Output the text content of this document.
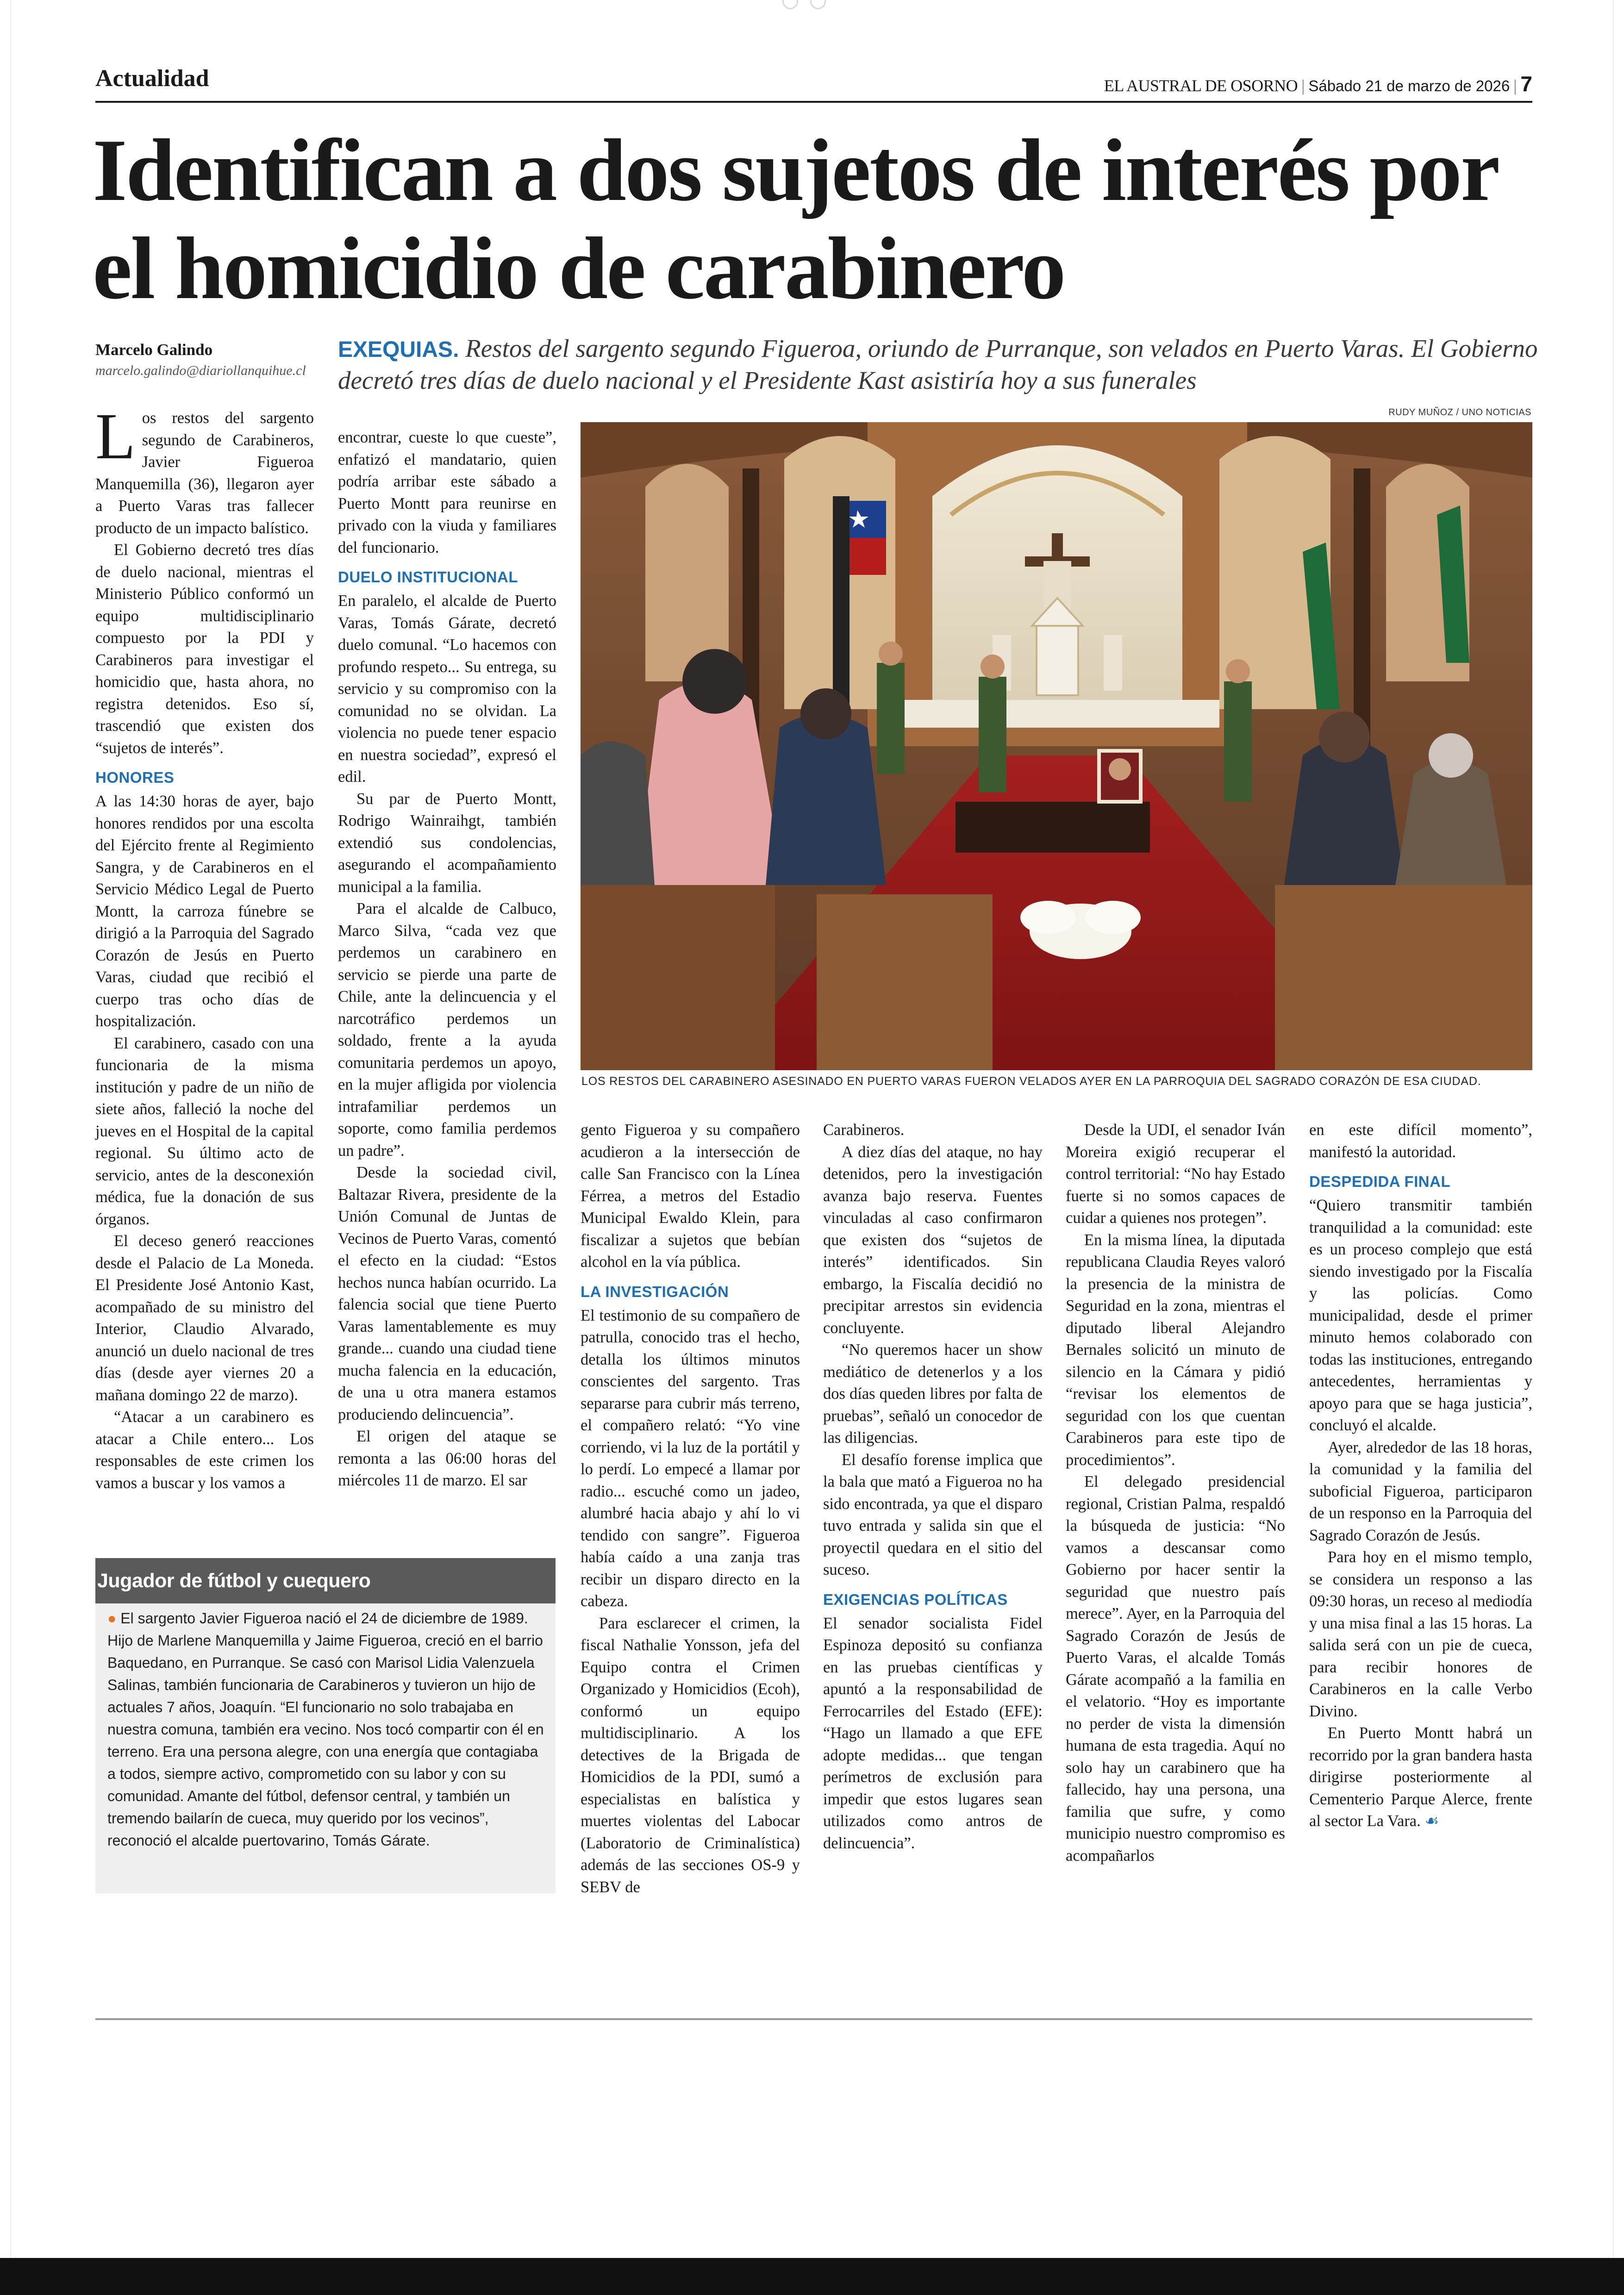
Actualidad	EL AUSTRAL DE OSORNO | Sábado 21 de marzo de 2026 | 7
Identifican a dos sujetos de interés por el homicidio de carabinero
Marcelo Galindo
marcelo.galindo@diariollanquihue.cl
EXEQUIAS. Restos del sargento segundo Figueroa, oriundo de Purranque, son velados en Puerto Varas. El Gobierno decretó tres días de duelo nacional y el Presidente Kast asistiría hoy a sus funerales
RUDY MUÑOZ / UNO NOTICIAS
LOS RESTOS DEL CARABINERO ASESINADO EN PUERTO VARAS FUERON VELADOS AYER EN LA PARROQUIA DEL SAGRADO CORAZÓN DE ESA CIUDAD.

Los restos del sargento segundo de Carabineros, Javier Figueroa Manquemilla (36), llegaron ayer a Puerto Varas tras fallecer producto de un impacto balístico.

El Gobierno decretó tres días de duelo nacional, mientras el Ministerio Público conformó un equipo multidisciplinario compuesto por la PDI y Carabineros para investigar el homicidio que, hasta ahora, no registra detenidos. Eso sí, trascendió que existen dos “sujetos de interés”.

HONORES

A las 14:30 horas de ayer, bajo honores rendidos por una escolta del Ejército frente al Regimiento Sangra, y de Carabineros en el Servicio Médico Legal de Puerto Montt, la carroza fúnebre se dirigió a la Parroquia del Sagrado Corazón de Jesús en Puerto Varas, ciudad que recibió el cuerpo tras ocho días de hospitalización.

El carabinero, casado con una funcionaria de la misma institución y padre de un niño de siete años, falleció la noche del jueves en el Hospital de la capital regional. Su último acto de servicio, antes de la desconexión médica, fue la donación de sus órganos.

El deceso generó reacciones desde el Palacio de La Moneda. El Presidente José Antonio Kast, acompañado de su ministro del Interior, Claudio Alvarado, anunció un duelo nacional de tres días (desde ayer viernes 20 a mañana domingo 22 de marzo).

“Atacar a un carabinero es atacar a Chile entero... Los responsables de este crimen los vamos a buscar y los vamos a

encontrar, cueste lo que cueste”, enfatizó el mandatario, quien podría arribar este sábado a Puerto Montt para reunirse en privado con la viuda y familiares del funcionario.

DUELO INSTITUCIONAL

En paralelo, el alcalde de Puerto Varas, Tomás Gárate, decretó duelo comunal. “Lo hacemos con profundo respeto... Su entrega, su servicio y su compromiso con la comunidad no se olvidan. La violencia no puede tener espacio en nuestra sociedad”, expresó el edil.

Su par de Puerto Montt, Rodrigo Wainraihgt, también extendió sus condolencias, asegurando el acompañamiento municipal a la familia.

Para el alcalde de Calbuco, Marco Silva, “cada vez que perdemos un carabinero en servicio se pierde una parte de Chile, ante la delincuencia y el narcotráfico perdemos un soldado, frente a la ayuda comunitaria perdemos un apoyo, en la mujer afligida por violencia intrafamiliar perdemos un soporte, como familia perdemos un padre”.

Desde la sociedad civil, Baltazar Rivera, presidente de la Unión Comunal de Juntas de Vecinos de Puerto Varas, comentó el efecto en la ciudad: “Estos hechos nunca habían ocurrido. La falencia social que tiene Puerto Varas lamentablemente es muy grande... cuando una ciudad tiene mucha falencia en la educación, de una u otra manera estamos produciendo delincuencia”.

El origen del ataque se remonta a las 06:00 horas del miércoles 11 de marzo. El sar

gento Figueroa y su compañero acudieron a la intersección de calle San Francisco con la Línea Férrea, a metros del Estadio Municipal Ewaldo Klein, para fiscalizar a sujetos que bebían alcohol en la vía pública.

LA INVESTIGACIÓN

El testimonio de su compañero de patrulla, conocido tras el hecho, detalla los últimos minutos conscientes del sargento. Tras separarse para cubrir más terreno, el compañero relató: “Yo vine corriendo, vi la luz de la portátil y lo perdí. Lo empecé a llamar por radio... escuché como un jadeo, alumbré hacia abajo y ahí lo vi tendido con sangre”. Figueroa había caído a una zanja tras recibir un disparo directo en la cabeza.

Para esclarecer el crimen, la fiscal Nathalie Yonsson, jefa del Equipo contra el Crimen Organizado y Homicidios (Ecoh), conformó un equipo multidisciplinario. A los detectives de la Brigada de Homicidios de la PDI, sumó a especialistas en balística y muertes violentas del Labocar (Laboratorio de Criminalística) además de las secciones OS-9 y SEBV de

Carabineros.

A diez días del ataque, no hay detenidos, pero la investigación avanza bajo reserva. Fuentes vinculadas al caso confirmaron que existen dos “sujetos de interés” identificados. Sin embargo, la Fiscalía decidió no precipitar arrestos sin evidencia concluyente.

“No queremos hacer un show mediático de detenerlos y a los dos días queden libres por falta de pruebas”, señaló un conocedor de las diligencias.

El desafío forense implica que la bala que mató a Figueroa no ha sido encontrada, ya que el disparo tuvo entrada y salida sin que el proyectil quedara en el sitio del suceso.

EXIGENCIAS POLÍTICAS

El senador socialista Fidel Espinoza depositó su confianza en las pruebas científicas y apuntó a la responsabilidad de Ferrocarriles del Estado (EFE): “Hago un llamado a que EFE adopte medidas... que tengan perímetros de exclusión para impedir que estos lugares sean utilizados como antros de delincuencia”.

Desde la UDI, el senador Iván Moreira exigió recuperar el control territorial: “No hay Estado fuerte si no somos capaces de cuidar a quienes nos protegen”.

En la misma línea, la diputada republicana Claudia Reyes valoró la presencia de la ministra de Seguridad en la zona, mientras el diputado liberal Alejandro Bernales solicitó un minuto de silencio en la Cámara y pidió “revisar los elementos de seguridad con los que cuentan Carabineros para este tipo de procedimientos”.

El delegado presidencial regional, Cristian Palma, respaldó la búsqueda de justicia: “No vamos a descansar como Gobierno por hacer sentir la seguridad que nuestro país merece”. Ayer, en la Parroquia del Sagrado Corazón de Jesús de Puerto Varas, el alcalde Tomás Gárate acompañó a la familia en el velatorio. “Hoy es importante no perder de vista la dimensión humana de esta tragedia. Aquí no solo hay un carabinero que ha fallecido, hay una persona, una familia que sufre, y como municipio nuestro compromiso es acompañarlos

en este difícil momento”, manifestó la autoridad.

DESPEDIDA FINAL

“Quiero transmitir también tranquilidad a la comunidad: este es un proceso complejo que está siendo investigado por la Fiscalía y las policías. Como municipalidad, desde el primer minuto hemos colaborado con todas las instituciones, entregando antecedentes, herramientas y apoyo para que se haga justicia”, concluyó el alcalde.

Ayer, alrededor de las 18 horas, la comunidad y la familia del suboficial Figueroa, participaron de un responso en la Parroquia del Sagrado Corazón de Jesús.

Para hoy en el mismo templo, se considera un responso a las 09:30 horas, un receso al mediodía y una misa final a las 15 horas. La salida será con un pie de cueca, para recibir honores de Carabineros en la calle Verbo Divino.

En Puerto Montt habrá un recorrido por la gran bandera hasta dirigirse posteriormente al Cementerio Parque Alerce, frente al sector La Vara. ☙

Jugador de fútbol y cuequero
● El sargento Javier Figueroa nació el 24 de diciembre de 1989. Hijo de Marlene Manquemilla y Jaime Figueroa, creció en el barrio Baquedano, en Purranque. Se casó con Marisol Lidia Valenzuela Salinas, también funcionaria de Carabineros y tuvieron un hijo de actuales 7 años, Joaquín. “El funcionario no solo trabajaba en nuestra comuna, también era vecino. Nos tocó compartir con él en terreno. Era una persona alegre, con una energía que contagiaba a todos, siempre activo, comprometido con su labor y con su comunidad. Amante del fútbol, defensor central, y también un tremendo bailarín de cueca, muy querido por los vecinos”, reconoció el alcalde puertovarino, Tomás Gárate.
